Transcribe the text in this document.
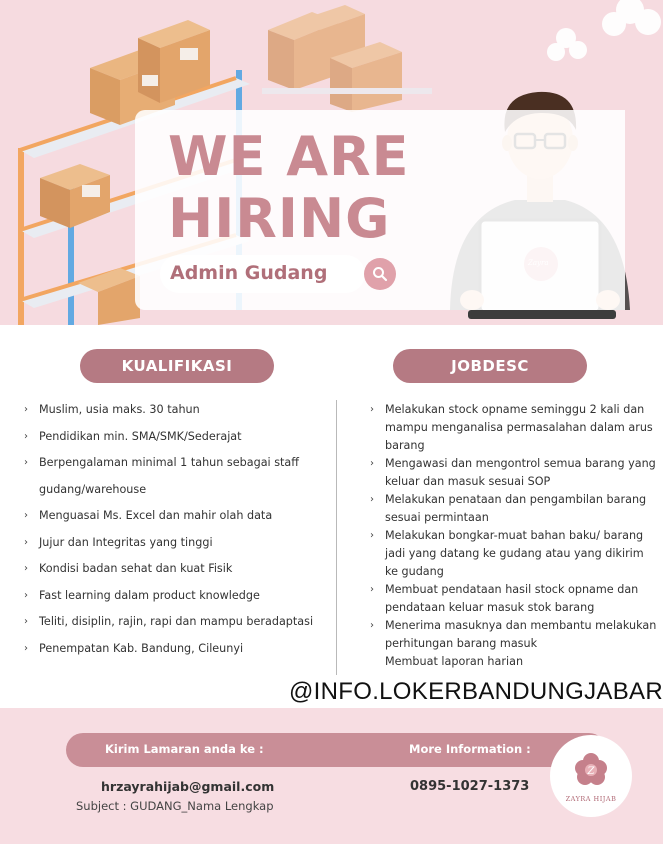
WE ARE
HIRING
Admin Gudang
KUALIFIKASI	JOBDESC
› Muslim, usia maks. 30 tahun
› Pendidikan min. SMA/SMK/Sederajat
› Berpengalaman minimal 1 tahun sebagai staff
gudang/warehouse
› Menguasai Ms. Excel dan mahir olah data
› Jujur dan Integritas yang tinggi
› Kondisi badan sehat dan kuat Fisik
› Fast learning dalam product knowledge
› Teliti, disiplin, rajin, rapi dan mampu beradaptasi
› Penempatan Kab. Bandung, Cileunyi
› Melakukan stock opname seminggu 2 kali dan mampu menganalisa permasalahan dalam arus barang
› Mengawasi dan mengontrol semua barang yang keluar dan masuk sesuai SOP
› Melakukan penataan dan pengambilan barang sesuai permintaan
› Melakukan bongkar-muat bahan baku/ barang jadi yang datang ke gudang atau yang dikirim ke gudang
› Membuat pendataan hasil stock opname dan pendataan keluar masuk stok barang
› Menerima masuknya dan membantu melakukan perhitungan barang masuk
Membuat laporan harian
@INFO.LOKERBANDUNGJABAR
Kirim Lamaran anda ke :	More Information :
hrzayrahijab@gmail.com
Subject : GUDANG_Nama Lengkap
0895-1027-1373
Z
ZAYRA HIJAB
